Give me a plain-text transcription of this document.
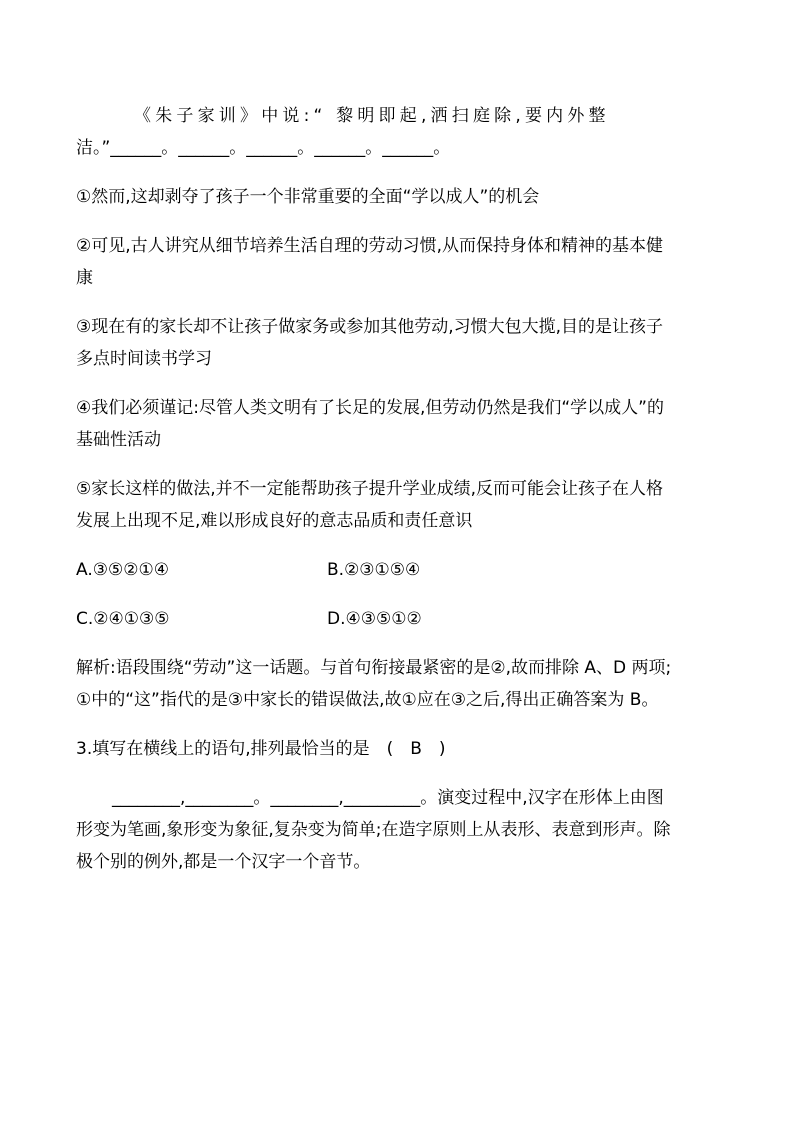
《朱子家训》中说:“ 黎明即起,洒扫庭除,要内外整
洁。”______。______。______。______。______。
①然而,这却剥夺了孩子一个非常重要的全面“学以成人”的机会
②可见,古人讲究从细节培养生活自理的劳动习惯,从而保持身体和精神的基本健
康
③现在有的家长却不让孩子做家务或参加其他劳动,习惯大包大揽,目的是让孩子
多点时间读书学习
④我们必须谨记:尽管人类文明有了长足的发展,但劳动仍然是我们“学以成人”的
基础性活动
⑤家长这样的做法,并不一定能帮助孩子提升学业成绩,反而可能会让孩子在人格
发展上出现不足,难以形成良好的意志品质和责任意识
A.③⑤②①④	B.②③①⑤④
C.②④①③⑤	D.④③⑤①②
解析:语段围绕“劳动”这一话题。与首句衔接最紧密的是②,故而排除 A、D 两项;
①中的“这”指代的是③中家长的错误做法,故①应在③之后,得出正确答案为 B。
3.填写在横线上的语句,排列最恰当的是　(　B　)
________,________。________,_________。演变过程中,汉字在形体上由图
形变为笔画,象形变为象征,复杂变为简单;在造字原则上从表形、表意到形声。除
极个别的例外,都是一个汉字一个音节。
